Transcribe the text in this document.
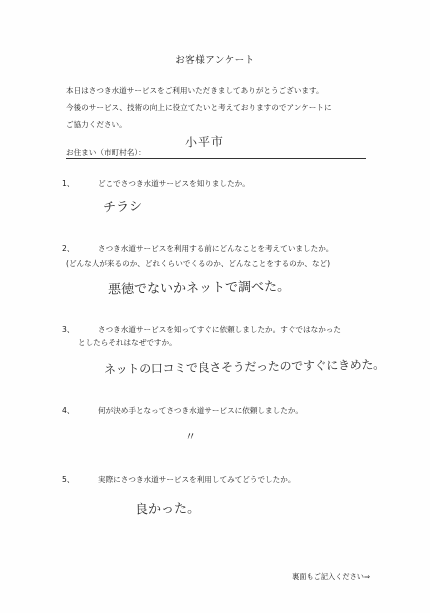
お客様アンケート
本日はさつき水道サービスをご利用いただきましてありがとうございます。
今後のサービス、技術の向上に役立てたいと考えておりますのでアンケートに
ご協力ください。
お住まい（市町村名）：
小平市
1、	どこでさつき水道サービスを知りましたか。
チラシ
2、	さつき水道サービスを利用する前にどんなことを考えていましたか。
(どんな人が来るのか、どれくらいでくるのか、どんなことをするのか、など)
悪徳でないかネットで調べた。
3、	さつき水道サービスを知ってすぐに依頼しましたか。すぐではなかった
としたらそれはなぜですか。
ネットの口コミで良さそうだったのですぐにきめた。
4、	何が決め手となってさつき水道サービスに依頼しましたか。
〃
5、	実際にさつき水道サービスを利用してみてどうでしたか。
良かった。
裏面もご記入ください⇒
